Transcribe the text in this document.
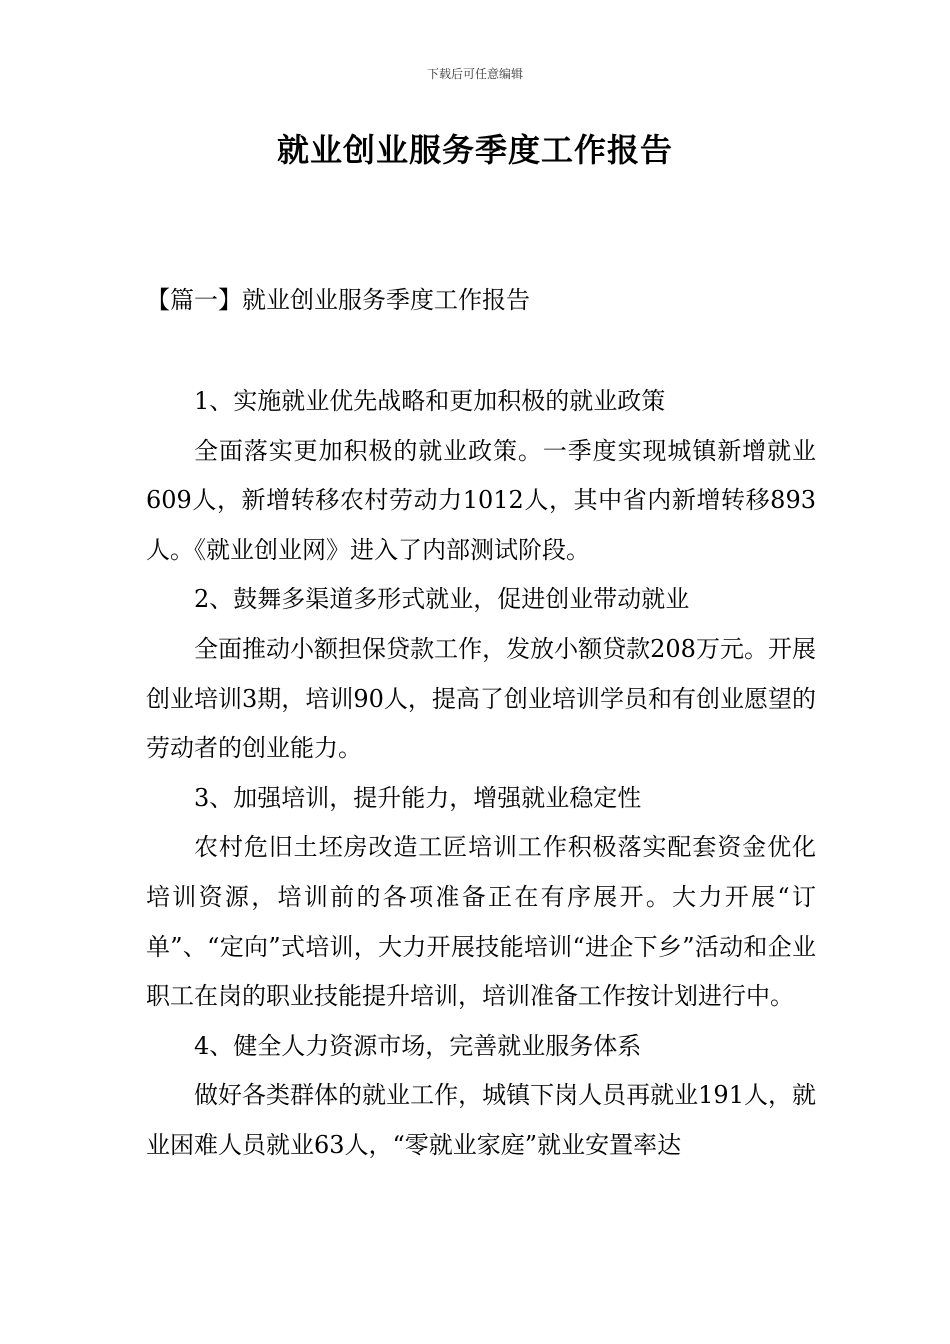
下载后可任意编辑
就业创业服务季度工作报告
【篇一】就业创业服务季度工作报告

1、实施就业优先战略和更加积极的就业政策

全面落实更加积极的就业政策。一季度实现城镇新增就业609人，新增转移农村劳动力1012人，其中省内新增转移893人。《就业创业网》进入了内部测试阶段。

2、鼓舞多渠道多形式就业，促进创业带动就业

全面推动小额担保贷款工作，发放小额贷款208万元。开展创业培训3期，培训90人，提高了创业培训学员和有创业愿望的劳动者的创业能力。

3、加强培训，提升能力，增强就业稳定性

农村危旧土坯房改造工匠培训工作积极落实配套资金优化培训资源，培训前的各项准备正在有序展开。大力开展“订单”、“定向”式培训，大力开展技能培训“进企下乡”活动和企业职工在岗的职业技能提升培训，培训准备工作按计划进行中。

4、健全人力资源市场，完善就业服务体系

做好各类群体的就业工作，城镇下岗人员再就业191人，就业困难人员就业63人，“零就业家庭”就业安置率达
